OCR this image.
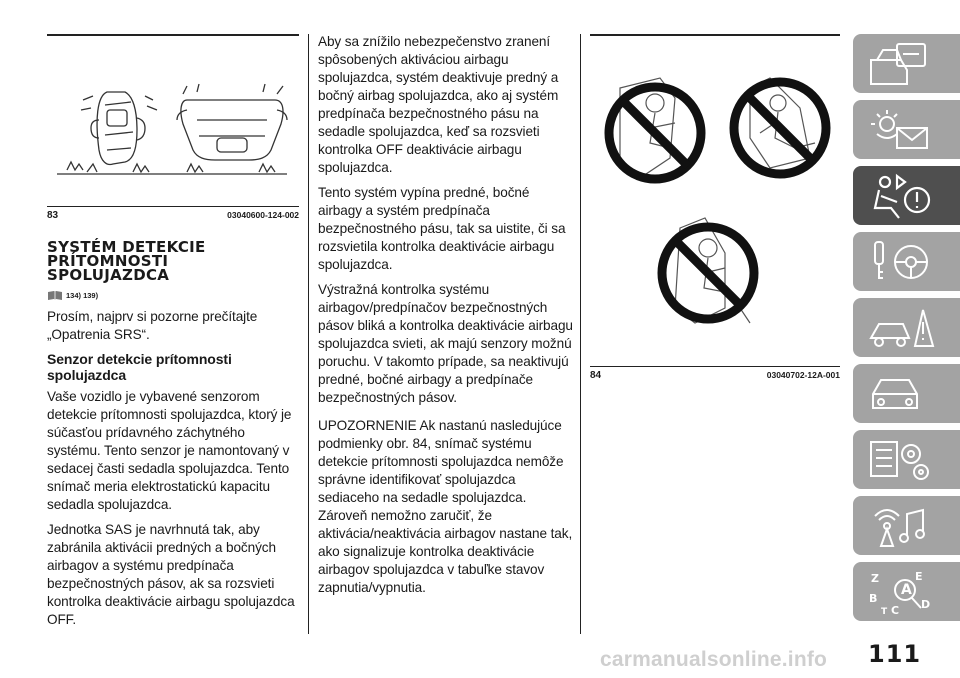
83	03040600-124-002
SYSTÉM DETEKCIE
PRÍTOMNOSTI
SPOLUJAZDCA
134) 139)

Prosím, najprv si pozorne prečítajte „Opatrenia SRS“.

Senzor detekcie prítomnosti spolujazdca

Vaše vozidlo je vybavené senzorom detekcie prítomnosti spolujazdca, ktorý je súčasťou prídavného záchytného systému. Tento senzor je namontovaný v sedacej časti sedadla spolujazdca. Tento snímač meria elektrostatickú kapacitu sedadla spolujazdca.

Jednotka SAS je navrhnutá tak, aby zabránila aktivácii predných a bočných airbagov a systému predpínača bezpečnostných pásov, ak sa rozsvieti kontrolka deaktivácie airbagu spolujazdca OFF.

Aby sa znížilo nebezpečenstvo zranení spôsobených aktiváciou airbagu spolujazdca, systém deaktivuje predný a bočný airbag spolujazdca, ako aj systém predpínača bezpečnostného pásu na sedadle spolujazdca, keď sa rozsvieti kontrolka OFF deaktivácie airbagu spolujazdca.

Tento systém vypína predné, bočné airbagy a systém predpínača bezpečnostného pásu, tak sa uistite, či sa rozsvietila kontrolka deaktivácie airbagu spolujazdca.

Výstražná kontrolka systému airbagov/predpínačov bezpečnostných pásov bliká a kontrolka deaktivácie airbagu spolujazdca svieti, ak majú senzory možnú poruchu. V takomto prípade, sa neaktivujú predné, bočné airbagy a predpínače bezpečnostných pásov.

UPOZORNENIE Ak nastanú nasledujúce podmienky obr. 84, snímač systému detekcie prítomnosti spolujazdca nemôže správne identifikovať spolujazdca sediaceho na sedadle spolujazdca. Zároveň nemožno zaručiť, že aktivácia/neaktivácia airbagov nastane tak, ako signalizuje kontrolka deaktivácie airbagov spolujazdca v tabuľke stavov zapnutia/vypnutia.

84	03040702-12A-001
Z	E
B
A
C D
T
111
carmanualsonline.info
